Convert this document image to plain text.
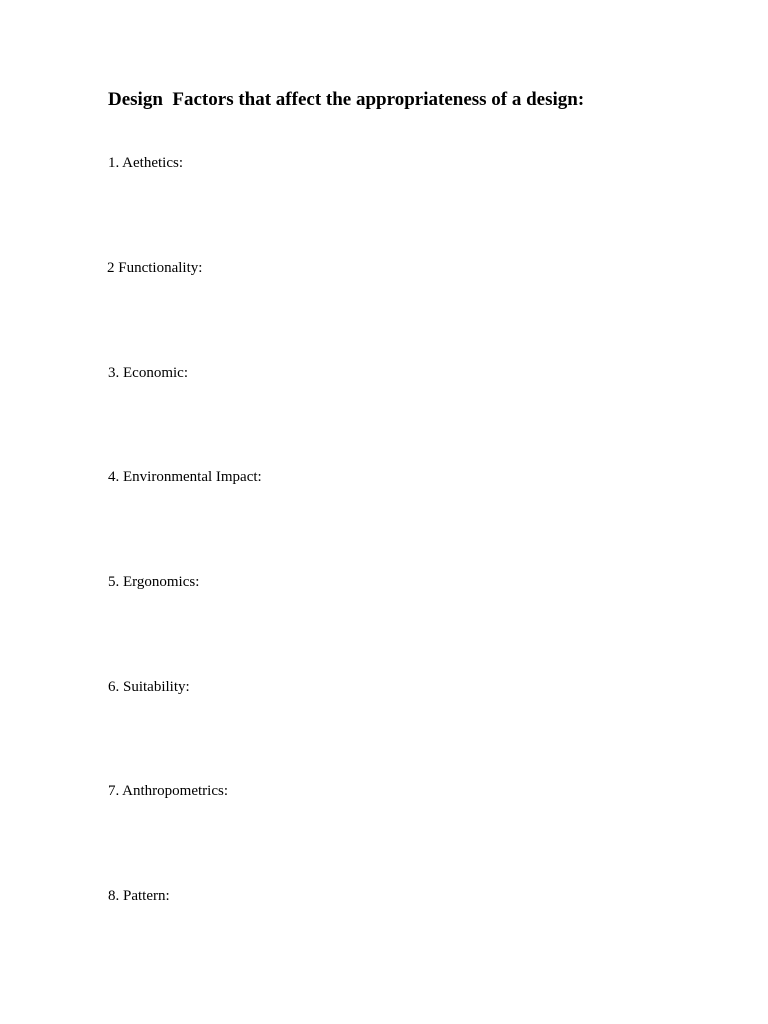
Design  Factors that affect the appropriateness of a design:

1. Aethetics:

2 Functionality:

3. Economic:

4. Environmental Impact:

5. Ergonomics:

6. Suitability:

7. Anthropometrics:

8. Pattern:
